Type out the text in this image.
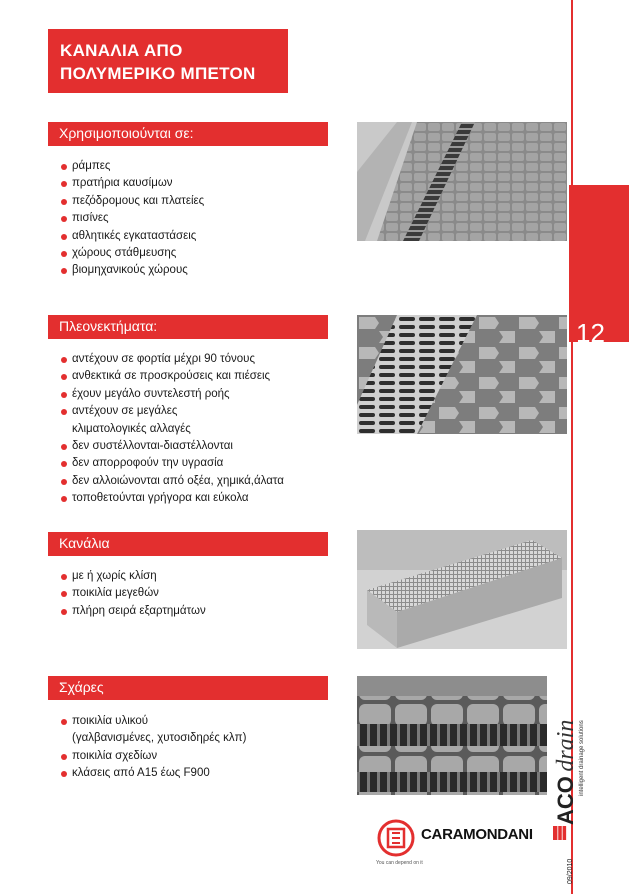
12
ΚΑΝΑΛΙΑ ΑΠΟ
ΠΟΛΥΜΕΡΙΚΟ ΜΠΕΤΟΝ
Χρησιμοποιούνται σε:
ράμπες
πρατήρια καυσίμων
πεζόδρομους και πλατείες
πισίνες
αθλητικές εγκαταστάσεις
χώρους στάθμευσης
βιομηχανικούς χώρους
Πλεονεκτήματα:
αντέχουν σε φορτία μέχρι 90 τόνους
ανθεκτικά σε προσκρούσεις και πιέσεις
έχουν μεγάλο συντελεστή ροής
αντέχουν σε μεγάλες
κλιματολογικές αλλαγές
δεν συστέλλονται-διαστέλλονται
δεν απορροφούν την υγρασία
δεν αλλοιώνονται από οξέα, χημικά,άλατα
τοποθετούνται γρήγορα και εύκολα
Κανάλια
με ή χωρίς κλίση
ποικιλία μεγεθών
πλήρη σειρά εξαρτημάτων
Σχάρες
ποικιλία υλικού
(γαλβανισμένες, χυτοσιδηρές κλπ)
ποικιλία σχεδίων
κλάσεις από Α15 έως F900
ACO drain intelligent drainage solutions
09/2010
You can depend on it
CARAMONDANI
